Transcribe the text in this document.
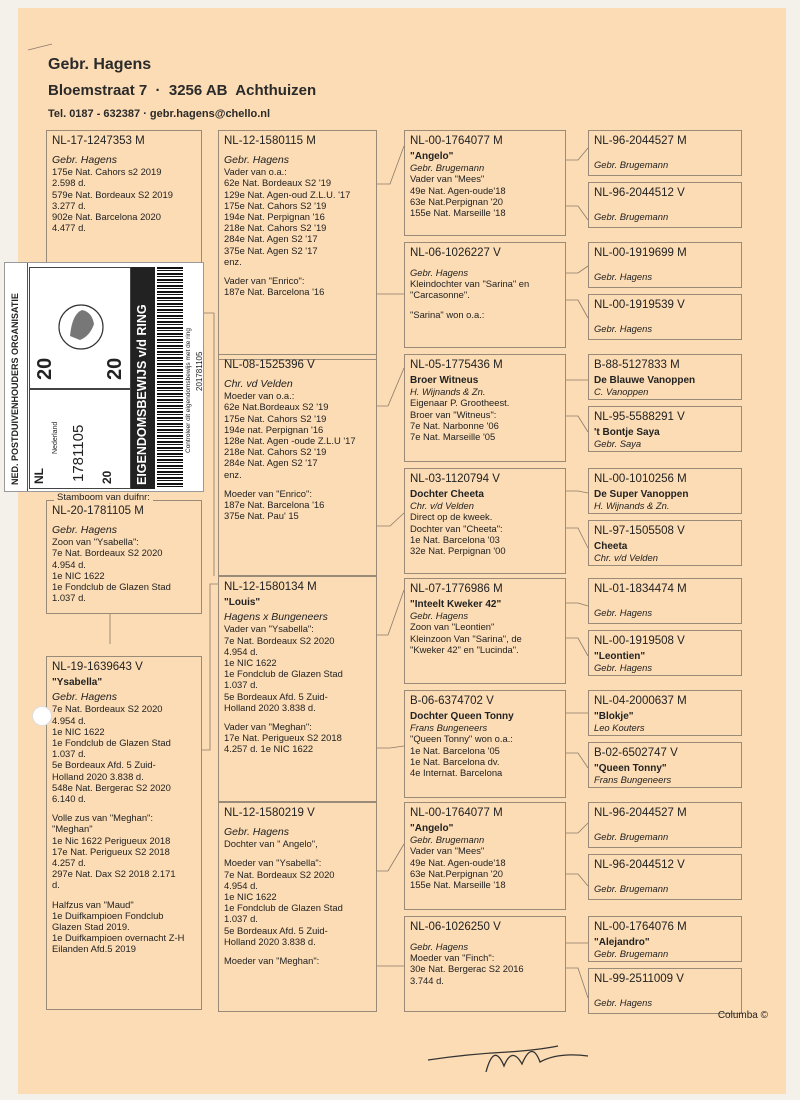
Gebr. Hagens
Bloemstraat 7  ·  3256 AB  Achthuizen
Tel. 0187 - 632387 · gebr.hagens@chello.nl
NL-17-1247353 M
Gebr. Hagens
175e Nat. Cahors s2 2019
2.598 d.
579e Nat. Bordeaux S2 2019
3.277 d.
902e Nat. Barcelona 2020
4.477 d.
NL-20-1781105 M
Gebr. Hagens
Zoon van "Ysabella":
7e Nat. Bordeaux S2 2020
4.954 d.
1e NIC 1622
1e Fondclub de Glazen Stad
1.037 d.
NL-19-1639643 V
"Ysabella"
Gebr. Hagens
7e Nat. Bordeaux S2 2020
4.954 d.
1e NIC 1622
1e Fondclub de Glazen Stad
1.037 d.
5e Bordeaux Afd. 5 Zuid-
Holland 2020 3.838 d.
548e Nat. Bergerac S2 2020
6.140 d.
Volle zus van "Meghan":
"Meghan"
1e Nic 1622 Perigueux 2018
17e Nat. Perigueux S2 2018
4.257 d.
297e Nat. Dax S2 2018 2.171
d.
Halfzus van "Maud"
1e Duifkampioen Fondclub
Glazen Stad 2019.
1e Duifkampioen overnacht Z-H
Eilanden Afd.5 2019
NL-12-1580115 M
Gebr. Hagens
Vader van o.a.:
62e Nat. Bordeaux S2 '19
129e Nat. Agen-oud Z.L.U. '17
175e Nat. Cahors S2 '19
194e Nat. Perpignan '16
218e Nat. Cahors S2 '19
284e Nat. Agen S2 '17
375e Nat. Agen S2 '17
enz.
Vader van "Enrico":
187e Nat. Barcelona '16
NL-08-1525396 V
Chr. vd Velden
Moeder van o.a.:
62e Nat.Bordeaux S2 '19
175e Nat. Cahors S2 '19
194e nat. Perpignan '16
128e Nat. Agen -oude Z.L.U '17
218e Nat. Cahors S2 '19
284e Nat. Agen S2 '17
enz.
Moeder van "Enrico":
187e Nat. Barcelona '16
375e Nat. Pau' 15
NL-12-1580134 M
"Louis"
Hagens x Bungeneers
Vader van "Ysabella":
7e Nat. Bordeaux S2 2020
4.954 d.
1e NIC 1622
1e Fondclub de Glazen Stad
1.037 d.
5e Bordeaux Afd. 5 Zuid-
Holland 2020 3.838 d.
Vader van "Meghan":
17e Nat. Perigueux S2 2018
4.257 d. 1e NIC 1622
NL-12-1580219 V
Gebr. Hagens
Dochter van " Angelo",
Moeder van "Ysabella":
7e Nat. Bordeaux S2 2020
4.954 d.
1e NIC 1622
1e Fondclub de Glazen Stad
1.037 d.
5e Bordeaux Afd. 5 Zuid-
Holland 2020 3.838 d.
Moeder van "Meghan":
NL-00-1764077 M
"Angelo"
Gebr. Brugemann
Vader van "Mees"
49e Nat. Agen-oude'18
63e Nat.Perpignan '20
155e Nat. Marseille '18
NL-06-1026227 V
Gebr. Hagens
Kleindochter van "Sarina" en
"Carcasonne".
"Sarina" won o.a.:
NL-05-1775436 M
Broer Witneus
H. Wijnands & Zn.
Eigenaar P. Grootheest.
Broer van "Witneus":
7e Nat. Narbonne '06
7e Nat. Marseille '05
NL-03-1120794 V
Dochter Cheeta
Chr. v/d Velden
Direct op de kweek.
Dochter van "Cheeta":
1e Nat. Barcelona '03
32e Nat. Perpignan '00
NL-07-1776986 M
"Inteelt Kweker 42"
Gebr. Hagens
Zoon van "Leontien"
Kleinzoon Van "Sarina", de
"Kweker 42" en "Lucinda".
B-06-6374702 V
Dochter Queen Tonny
Frans Bungeneers
"Queen Tonny" won o.a.:
1e Nat. Barcelona '05
1e Nat. Barcelona dv.
4e Internat. Barcelona
NL-00-1764077 M
"Angelo"
Gebr. Brugemann
Vader van "Mees"
49e Nat. Agen-oude'18
63e Nat.Perpignan '20
155e Nat. Marseille '18
NL-06-1026250 V
Gebr. Hagens
Moeder van "Finch":
30e Nat. Bergerac S2 2016
3.744 d.
NL-96-2044527 M
Gebr. Brugemann
NL-96-2044512 V
Gebr. Brugemann
NL-00-1919699 M
Gebr. Hagens
NL-00-1919539 V
Gebr. Hagens
B-88-5127833 M
De Blauwe Vanoppen
C. Vanoppen
NL-95-5588291 V
't Bontje Saya
Gebr. Saya
NL-00-1010256 M
De Super Vanoppen
H. Wijnands & Zn.
NL-97-1505508 V
Cheeta
Chr. v/d Velden
NL-01-1834474 M
Gebr. Hagens
NL-00-1919508 V
"Leontien"
Gebr. Hagens
NL-04-2000637 M
"Blokje"
Leo Kouters
B-02-6502747 V
"Queen Tonny"
Frans Bungeneers
NL-96-2044527 M
Gebr. Brugemann
NL-96-2044512 V
Gebr. Brugemann
NL-00-1764076 M
"Alejandro"
Gebr. Brugemann
NL-99-2511009 V
Gebr. Hagens
Stamboom van duifnr:
NED. POSTDUIVENHOUDERS ORGANISATIE 20 20 EIGENDOMSBEWIJS v/d RING
NL
Nederland 1781105 20
Controleer dit eigendomsbewijs met de ring 201781105
Columba ©
